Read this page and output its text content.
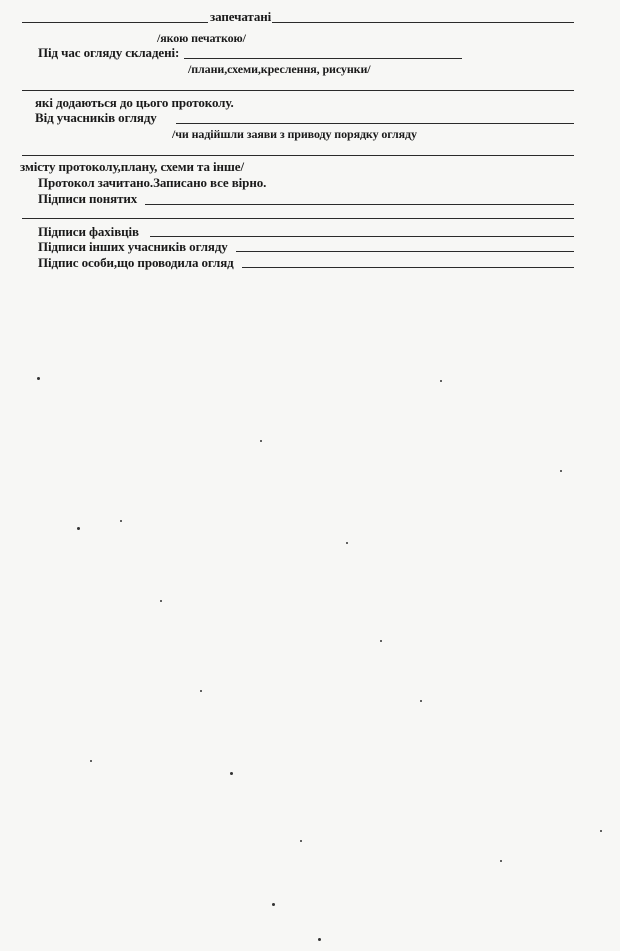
запечатані
/якою печаткою/
Під час огляду складені:
/плани,схеми,креслення, рисунки/
які додаються до цього протоколу.
Від учасників огляду
/чи надійшли заяви з приводу порядку огляду
змісту протоколу,плану, схеми та інше/
Протокол зачитано.Записано все вірно.
Підписи понятих
Підписи фахівців
Підписи інших учасників огляду
Підпис особи,що проводила огляд
